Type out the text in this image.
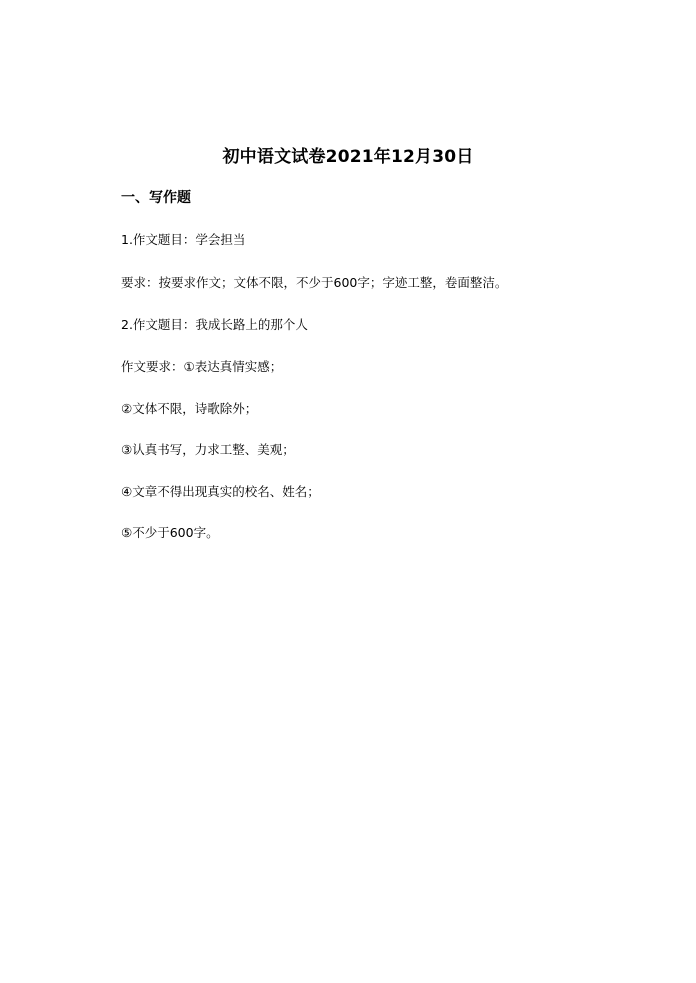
初中语文试卷2021年12月30日
一、写作题
1.作文题目：学会担当
要求：按要求作文；文体不限，不少于600字；字迹工整，卷面整洁。
2.作文题目：我成长路上的那个人
作文要求：①表达真情实感；
②文体不限，诗歌除外；
③认真书写，力求工整、美观；
④文章不得出现真实的校名、姓名；
⑤不少于600字。
